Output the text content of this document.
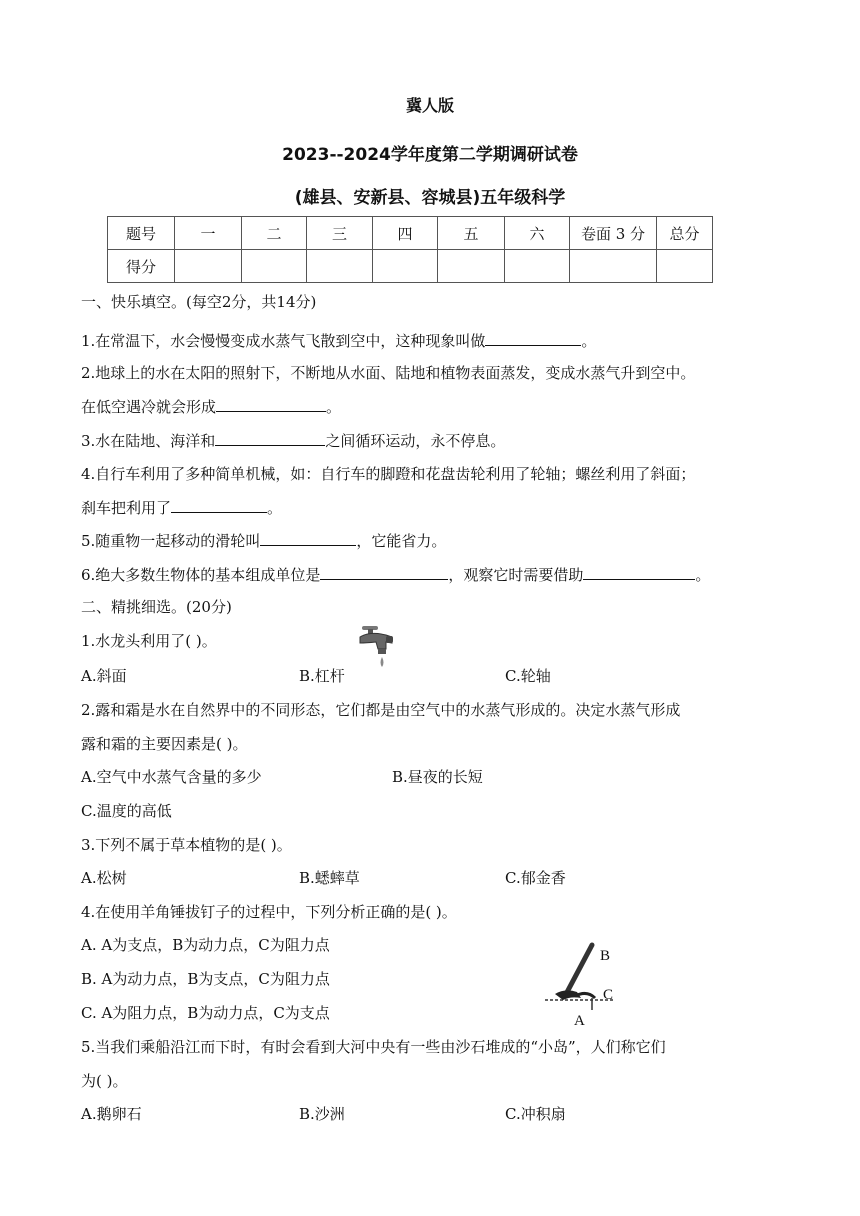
冀人版
2023--2024学年度第二学期调研试卷
(雄县、安新县、容城县)五年级科学
题号	一	二	三	四	五	六	卷面 3 分	总分
得分								
一、快乐填空。(每空2分，共14分)
1.在常温下，水会慢慢变成水蒸气飞散到空中，这种现象叫做	。
2.地球上的水在太阳的照射下，不断地从水面、陆地和植物表面蒸发，变成水蒸气升到空中。
在低空遇冷就会形成	。
3.水在陆地、海洋和	之间循环运动，永不停息。
4.自行车利用了多种简单机械，如：自行车的脚蹬和花盘齿轮利用了轮轴；螺丝利用了斜面；
刹车把利用了	。
5.随重物一起移动的滑轮叫	，它能省力。
6.绝大多数生物体的基本组成单位是	，观察它时需要借助	。
二、精挑细选。(20分)
1.水龙头利用了( )。
A.斜面	B.杠杆	C.轮轴
2.露和霜是水在自然界中的不同形态，它们都是由空气中的水蒸气形成的。决定水蒸气形成
露和霜的主要因素是( )。
A.空气中水蒸气含量的多少	B.昼夜的长短
C.温度的高低
3.下列不属于草本植物的是( )。
A.松树	B.蟋蟀草	C.郁金香
4.在使用羊角锤拔钉子的过程中，下列分析正确的是( )。
A. A为支点，B为动力点，C为阻力点
B. A为动力点，B为支点，C为阻力点
C. A为阻力点，B为动力点，C为支点
B
C
A
5.当我们乘船沿江而下时，有时会看到大河中央有一些由沙石堆成的“小岛”，人们称它们
为( )。
A.鹅卵石	B.沙洲	C.冲积扇
